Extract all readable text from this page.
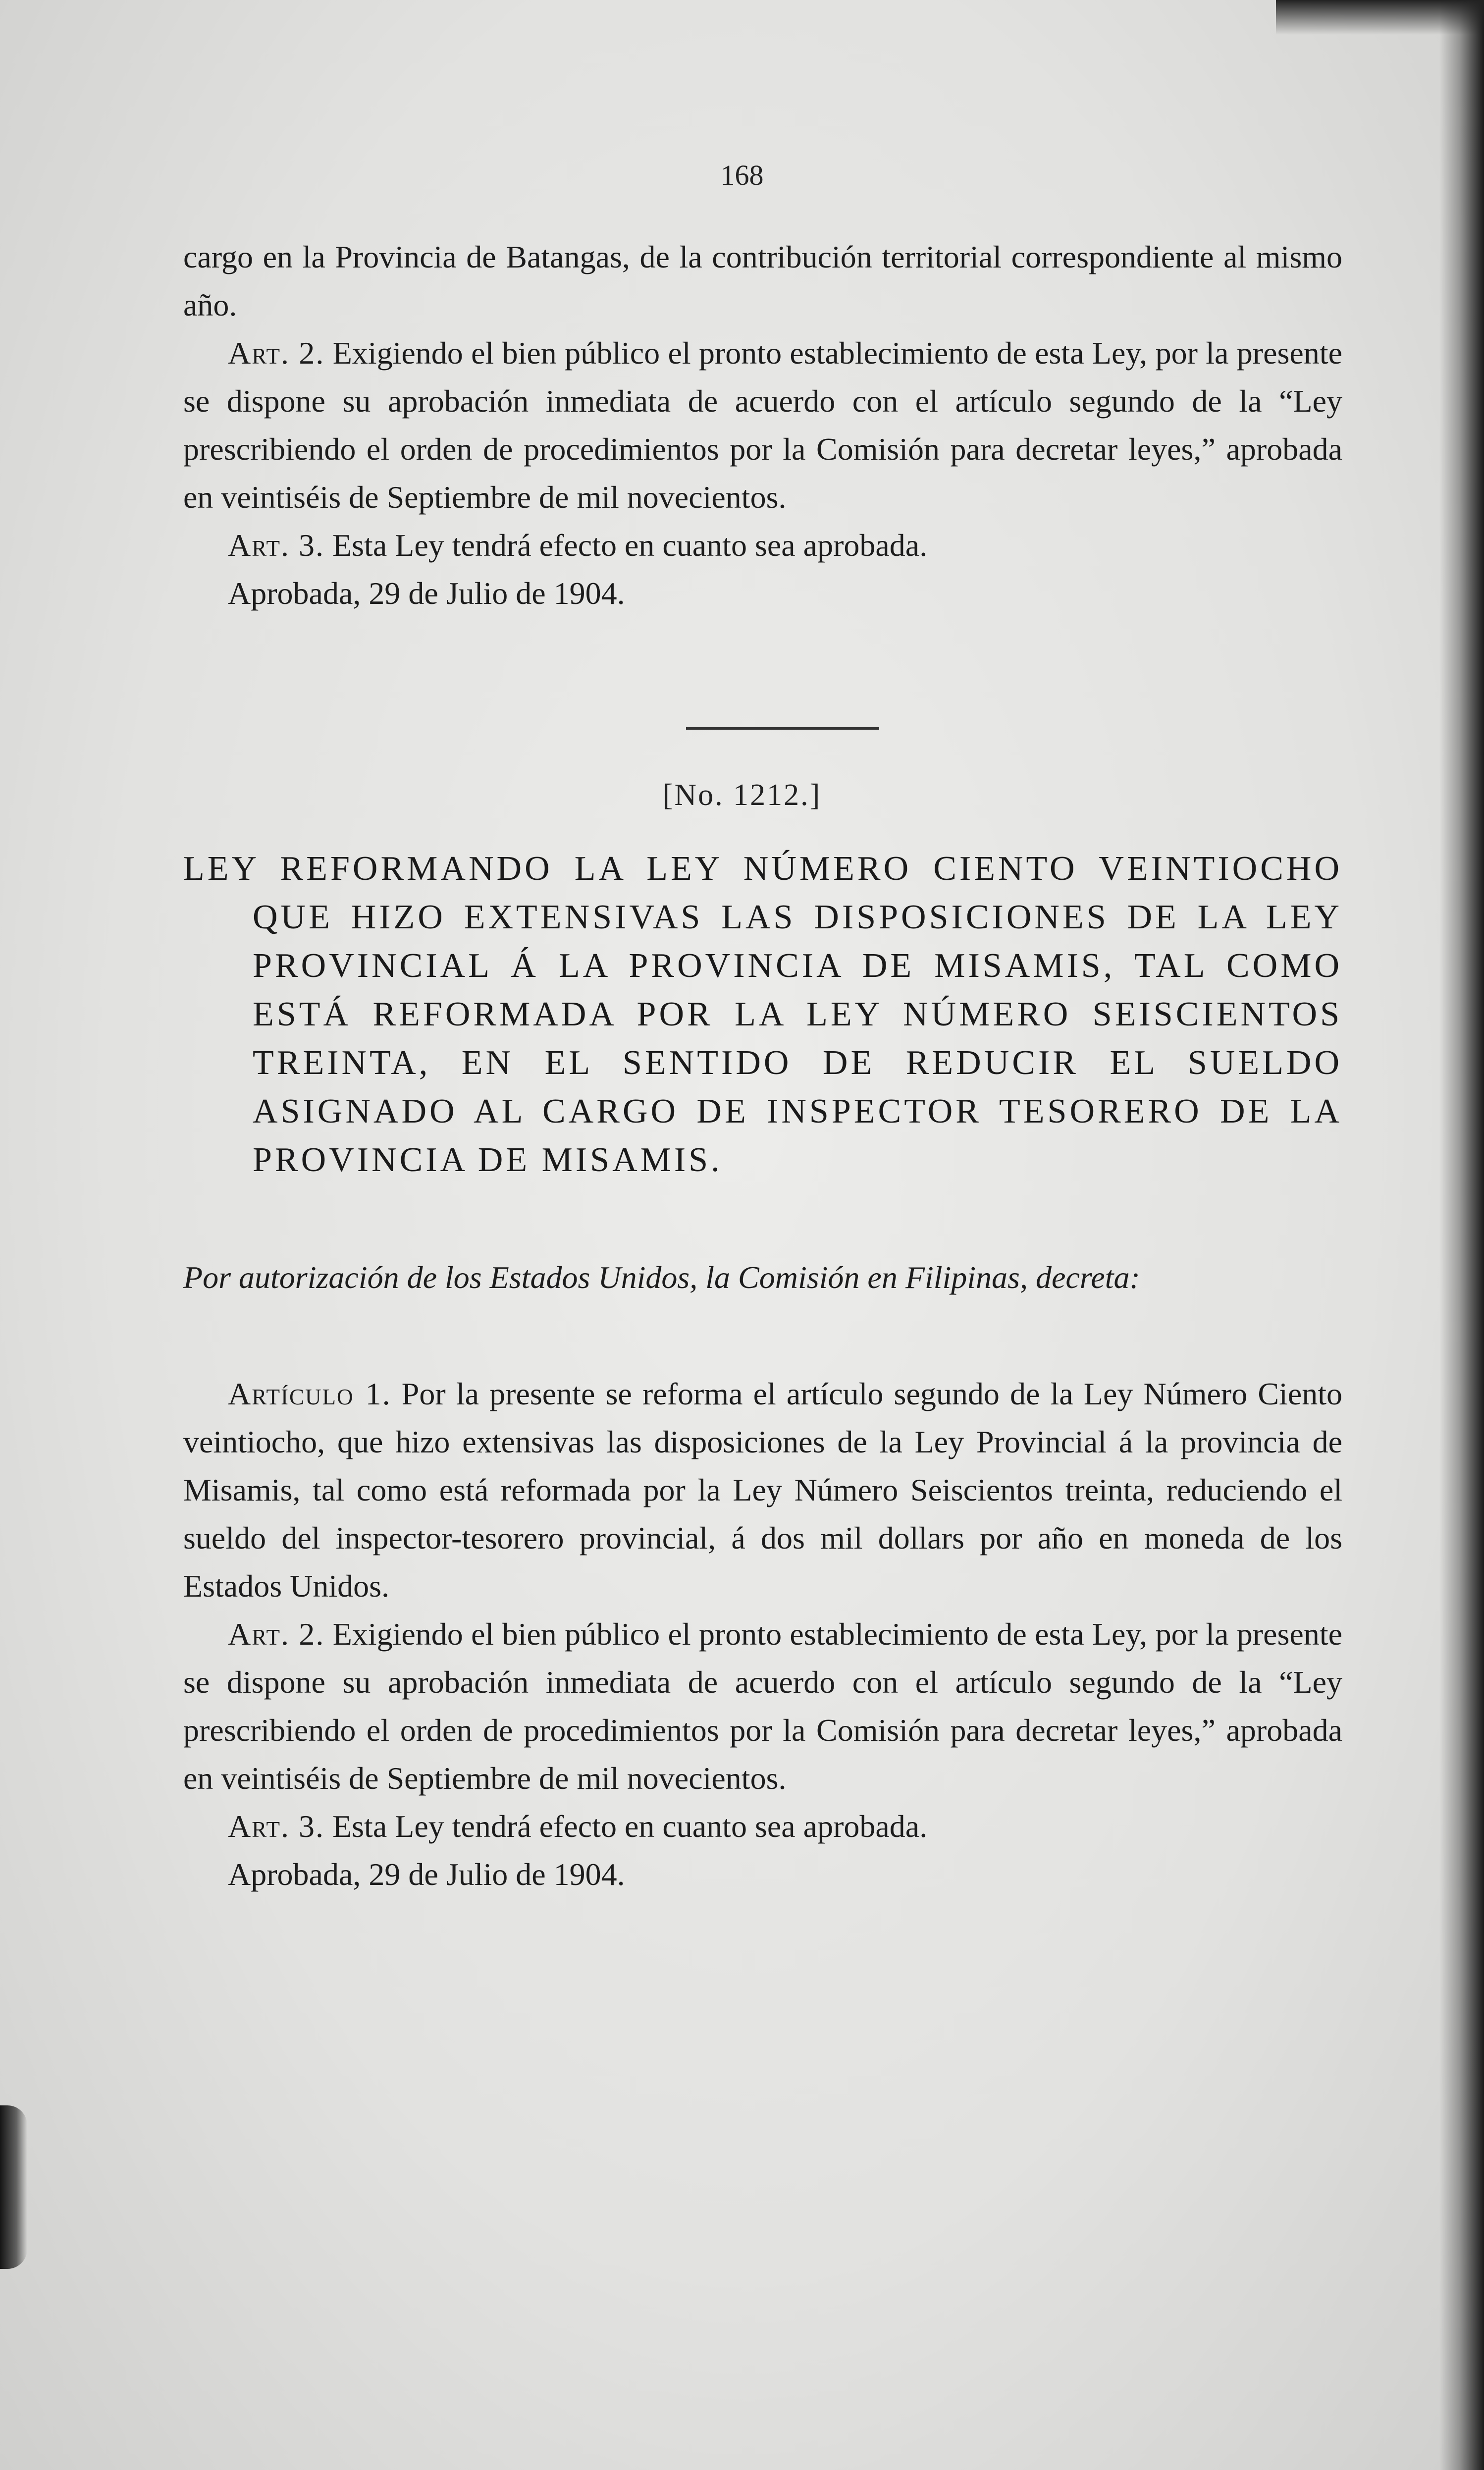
168

cargo en la Provincia de Batangas, de la contribución territorial correspondiente al mismo año.

Art. 2. Exigiendo el bien público el pronto establecimiento de esta Ley, por la presente se dispone su aprobación inmediata de acuerdo con el artículo segundo de la “Ley prescribiendo el orden de procedimientos por la Comisión para decretar leyes,” aprobada en veintiséis de Septiembre de mil novecientos.

Art. 3. Esta Ley tendrá efecto en cuanto sea aprobada.

Aprobada, 29 de Julio de 1904.

[No. 1212.]
LEY REFORMANDO LA LEY NÚMERO CIENTO VEINTIOCHO QUE HIZO EXTENSIVAS LAS DISPOSICIONES DE LA LEY PROVINCIAL Á LA PROVINCIA DE MISAMIS, TAL COMO ESTÁ REFORMADA POR LA LEY NÚMERO SEISCIENTOS TREINTA, EN EL SENTIDO DE REDUCIR EL SUELDO ASIGNADO AL CARGO DE INSPECTOR TESORERO DE LA PROVINCIA DE MISAMIS.
Por autorización de los Estados Unidos, la Comisión en Filipinas, decreta:

Artículo 1. Por la presente se reforma el artículo segundo de la Ley Número Ciento veintiocho, que hizo extensivas las disposiciones de la Ley Provincial á la provincia de Misamis, tal como está reformada por la Ley Número Seiscientos treinta, reduciendo el sueldo del inspector-tesorero provincial, á dos mil dollars por año en moneda de los Estados Unidos.

Art. 2. Exigiendo el bien público el pronto establecimiento de esta Ley, por la presente se dispone su aprobación inmediata de acuerdo con el artículo segundo de la “Ley prescribiendo el orden de procedimientos por la Comisión para decretar leyes,” aprobada en veintiséis de Septiembre de mil novecientos.

Art. 3. Esta Ley tendrá efecto en cuanto sea aprobada.

Aprobada, 29 de Julio de 1904.
